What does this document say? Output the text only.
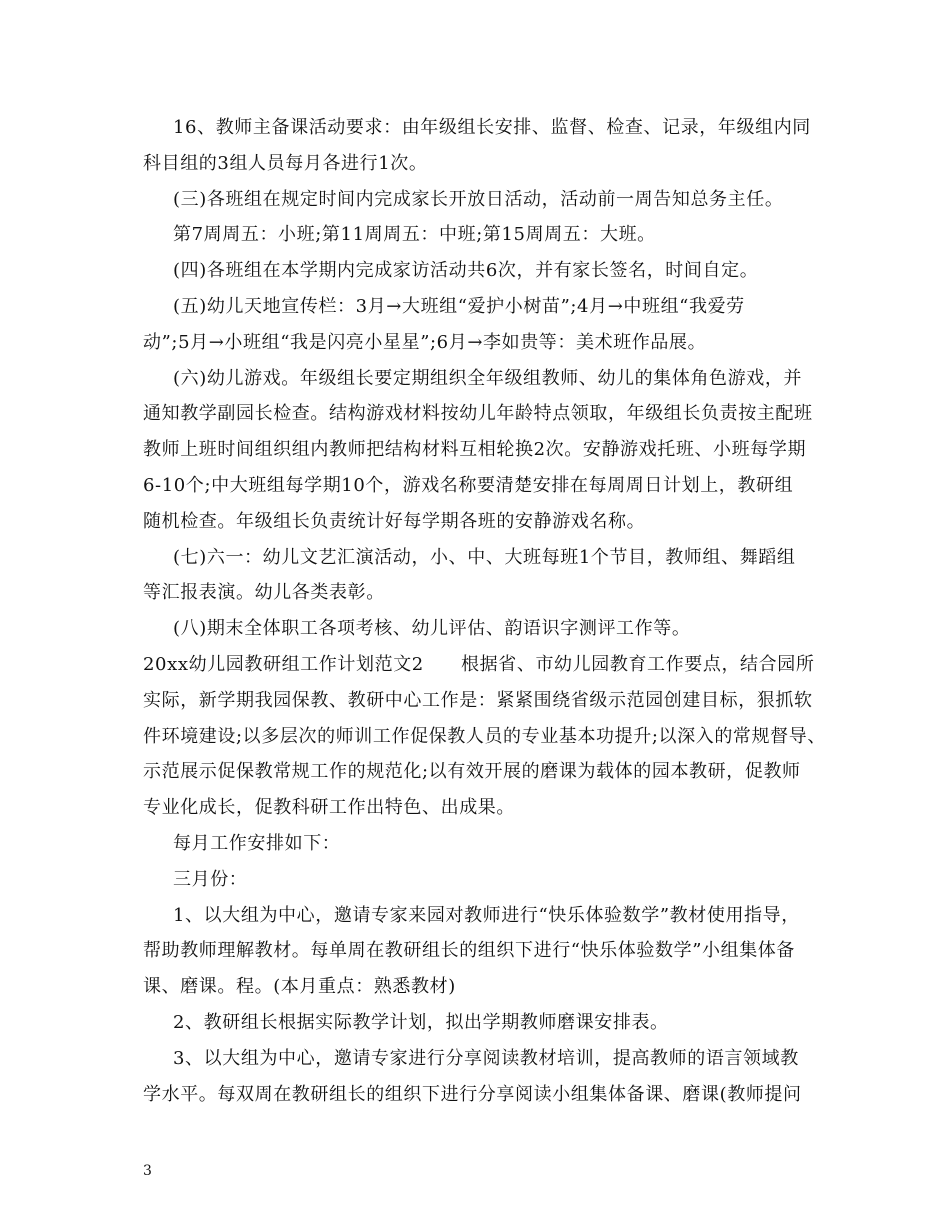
16、教师主备课活动要求：由年级组长安排、监督、检查、记录，年级组内同

科目组的3组人员每月各进行1次。

(三)各班组在规定时间内完成家长开放日活动，活动前一周告知总务主任。

第7周周五：小班;第11周周五：中班;第15周周五：大班。

(四)各班组在本学期内完成家访活动共6次，并有家长签名，时间自定。

(五)幼儿天地宣传栏：3月→大班组“爱护小树苗”;4月→中班组“我爱劳

动”;5月→小班组“我是闪亮小星星”;6月→李如贵等：美术班作品展。

(六)幼儿游戏。年级组长要定期组织全年级组教师、幼儿的集体角色游戏，并

通知教学副园长检查。结构游戏材料按幼儿年龄特点领取，年级组长负责按主配班

教师上班时间组织组内教师把结构材料互相轮换2次。安静游戏托班、小班每学期

6-10个;中大班组每学期10个，游戏名称要清楚安排在每周周日计划上，教研组

随机检查。年级组长负责统计好每学期各班的安静游戏名称。

(七)六一：幼儿文艺汇演活动，小、中、大班每班1个节目，教师组、舞蹈组

等汇报表演。幼儿各类表彰。

(八)期末全体职工各项考核、幼儿评估、韵语识字测评工作等。

20xx幼儿园教研组工作计划范文2　　根据省、市幼儿园教育工作要点，结合园所

实际，新学期我园保教、教研中心工作是：紧紧围绕省级示范园创建目标，狠抓软

件环境建设;以多层次的师训工作促保教人员的专业基本功提升;以深入的常规督导、

示范展示促保教常规工作的规范化;以有效开展的磨课为载体的园本教研，促教师

专业化成长，促教科研工作出特色、出成果。

每月工作安排如下：

三月份：

1、以大组为中心，邀请专家来园对教师进行“快乐体验数学”教材使用指导，

帮助教师理解教材。每单周在教研组长的组织下进行“快乐体验数学”小组集体备

课、磨课。程。(本月重点：熟悉教材)

2、教研组长根据实际教学计划，拟出学期教师磨课安排表。

3、以大组为中心，邀请专家进行分享阅读教材培训，提高教师的语言领域教

学水平。每双周在教研组长的组织下进行分享阅读小组集体备课、磨课(教师提问

3
